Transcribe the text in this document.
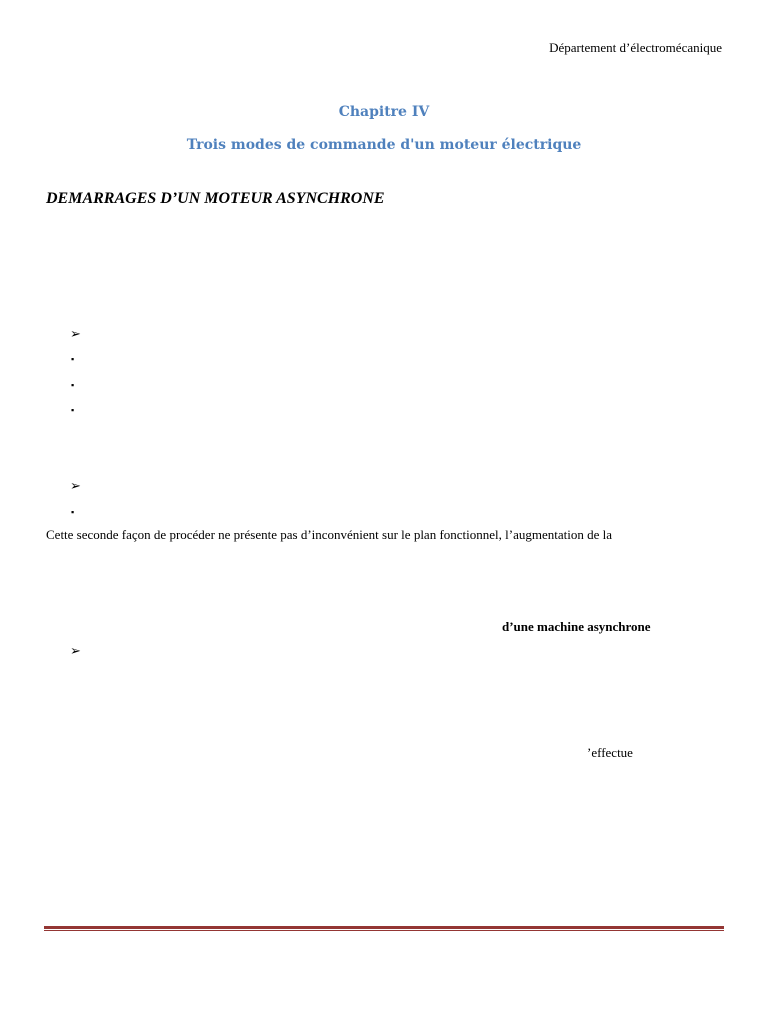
Département d’électromécanique
Chapitre IV
Trois modes de commande d'un moteur électrique
DEMARRAGES D’UN MOTEUR ASYNCHRONE
➢
▪
▪
▪
➢
▪
Cette seconde façon de procéder ne présente pas d’inconvénient sur le plan fonctionnel, l’augmentation de la
d’une machine asynchrone
➢
’effectue
